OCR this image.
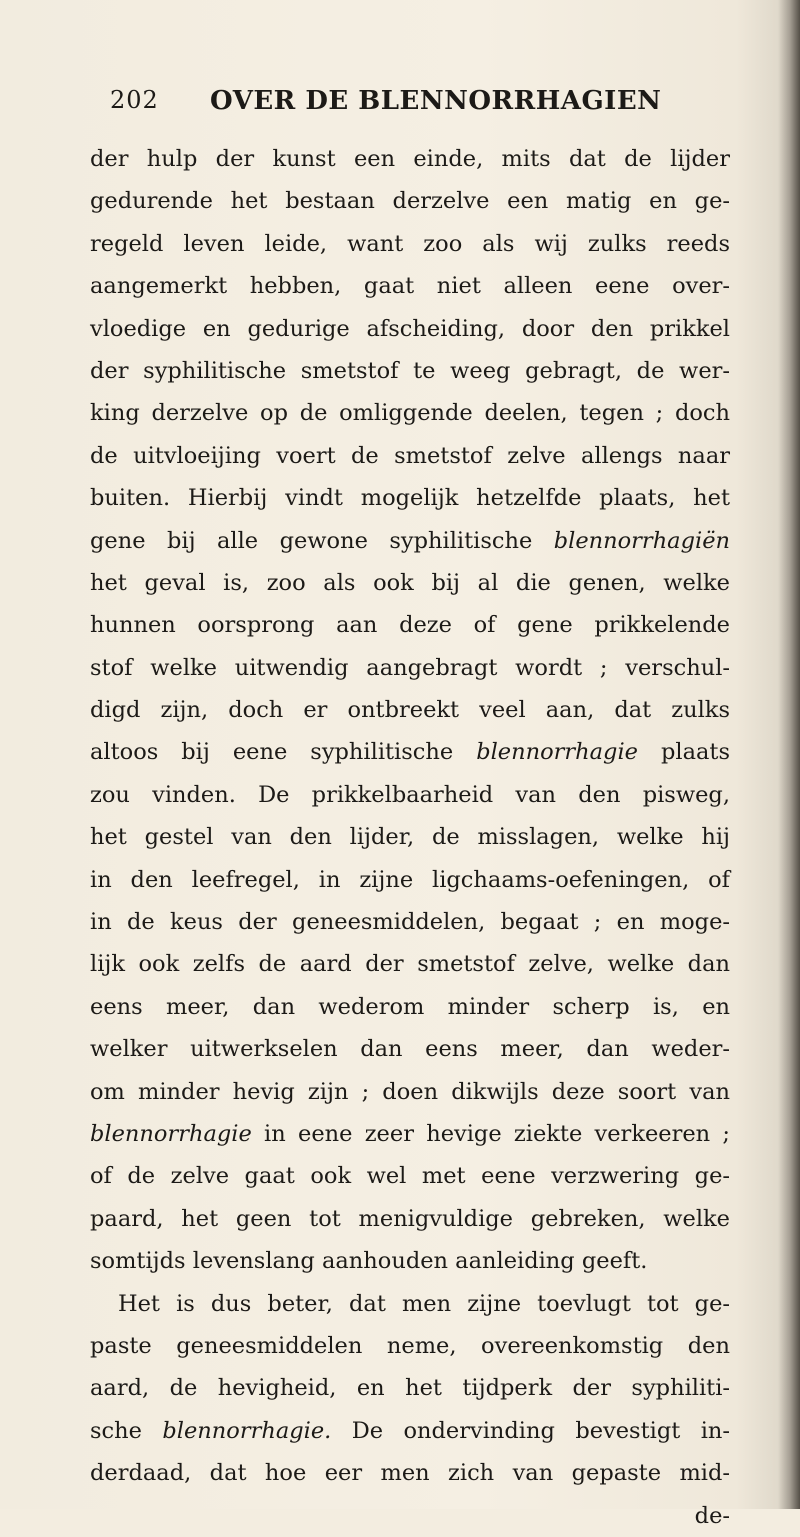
202 OVER DE BLENNORRHAGIEN
der hulp der kunst een einde, mits dat de lijder
gedurende het bestaan derzelve een matig en ge-
regeld leven leide, want zoo als wij zulks reeds
aangemerkt hebben, gaat niet alleen eene over-
vloedige en gedurige afscheiding, door den prikkel
der syphilitische smetstof te weeg gebragt, de wer-
king derzelve op de omliggende deelen, tegen ; doch
de uitvloeijing voert de smetstof zelve allengs naar
buiten. Hierbij vindt mogelijk hetzelfde plaats, het
gene bij alle gewone syphilitische blennorrhagiën
het geval is, zoo als ook bij al die genen, welke
hunnen oorsprong aan deze of gene prikkelende
stof welke uitwendig aangebragt wordt ; verschul-
digd zijn, doch er ontbreekt veel aan, dat zulks
altoos bij eene syphilitische blennorrhagie plaats
zou vinden. De prikkelbaarheid van den pisweg,
het gestel van den lijder, de misslagen, welke hij
in den leefregel, in zijne ligchaams-oefeningen, of
in de keus der geneesmiddelen, begaat ; en moge-
lijk ook zelfs de aard der smetstof zelve, welke dan
eens meer, dan wederom minder scherp is, en
welker uitwerkselen dan eens meer, dan weder-
om minder hevig zijn ; doen dikwijls deze soort van
blennorrhagie in eene zeer hevige ziekte verkeeren ;
of de zelve gaat ook wel met eene verzwering ge-
paard, het geen tot menigvuldige gebreken, welke
somtijds levenslang aanhouden aanleiding geeft.
Het is dus beter, dat men zijne toevlugt tot ge-
paste geneesmiddelen neme, overeenkomstig den
aard, de hevigheid, en het tijdperk der syphiliti-
sche blennorrhagie. De ondervinding bevestigt in-
derdaad, dat hoe eer men zich van gepaste mid-
de-
